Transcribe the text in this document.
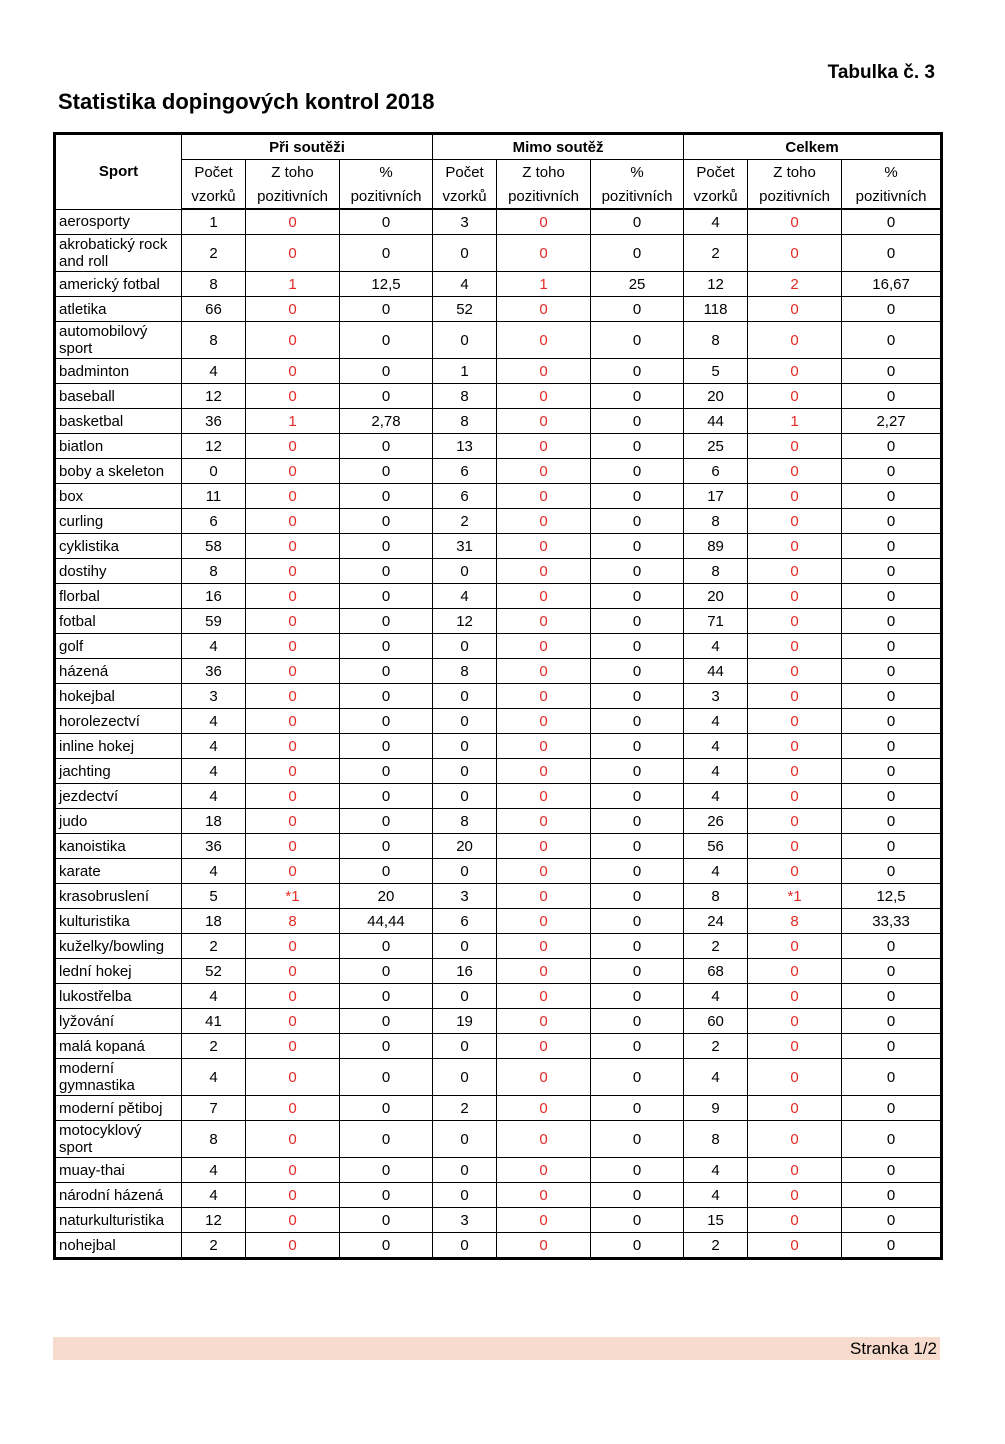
Tabulka č. 3
Statistika dopingových kontrol 2018
Sport	Při soutěži			Mimo soutěž			Celkem		
	Počet	Z toho	%	Počet	Z toho	%	Počet	Z toho	%
	vzorků	pozitivních	pozitivních	vzorků	pozitivních	pozitivních	vzorků	pozitivních	pozitivních
aerosporty	1	0	0	3	0	0	4	0	0
akrobatický rock and roll	2	0	0	0	0	0	2	0	0
americký fotbal	8	1	12,5	4	1	25	12	2	16,67
atletika	66	0	0	52	0	0	118	0	0
automobilový sport	8	0	0	0	0	0	8	0	0
badminton	4	0	0	1	0	0	5	0	0
baseball	12	0	0	8	0	0	20	0	0
basketbal	36	1	2,78	8	0	0	44	1	2,27
biatlon	12	0	0	13	0	0	25	0	0
boby a skeleton	0	0	0	6	0	0	6	0	0
box	11	0	0	6	0	0	17	0	0
curling	6	0	0	2	0	0	8	0	0
cyklistika	58	0	0	31	0	0	89	0	0
dostihy	8	0	0	0	0	0	8	0	0
florbal	16	0	0	4	0	0	20	0	0
fotbal	59	0	0	12	0	0	71	0	0
golf	4	0	0	0	0	0	4	0	0
házená	36	0	0	8	0	0	44	0	0
hokejbal	3	0	0	0	0	0	3	0	0
horolezectví	4	0	0	0	0	0	4	0	0
inline hokej	4	0	0	0	0	0	4	0	0
jachting	4	0	0	0	0	0	4	0	0
jezdectví	4	0	0	0	0	0	4	0	0
judo	18	0	0	8	0	0	26	0	0
kanoistika	36	0	0	20	0	0	56	0	0
karate	4	0	0	0	0	0	4	0	0
krasobruslení	5	*1	20	3	0	0	8	*1	12,5
kulturistika	18	8	44,44	6	0	0	24	8	33,33
kuželky/bowling	2	0	0	0	0	0	2	0	0
lední hokej	52	0	0	16	0	0	68	0	0
lukostřelba	4	0	0	0	0	0	4	0	0
lyžování	41	0	0	19	0	0	60	0	0
malá kopaná	2	0	0	0	0	0	2	0	0
moderní gymnastika	4	0	0	0	0	0	4	0	0
moderní pětiboj	7	0	0	2	0	0	9	0	0
motocyklový sport	8	0	0	0	0	0	8	0	0
muay-thai	4	0	0	0	0	0	4	0	0
národní házená	4	0	0	0	0	0	4	0	0
naturkulturistika	12	0	0	3	0	0	15	0	0
nohejbal	2	0	0	0	0	0	2	0	0
Stranka 1/2
